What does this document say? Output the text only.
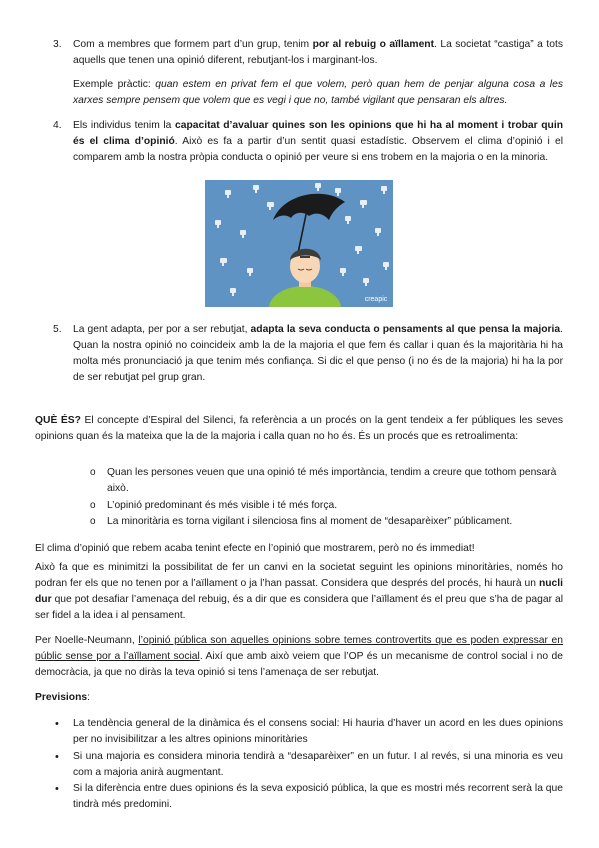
3. Com a membres que formem part d’un grup, tenim por al rebuig o aïllament. La societat “castiga” a tots aquells que tenen una opinió diferent, rebutjant-los i marginant-los.
Exemple pràctic: quan estem en privat fem el que volem, però quan hem de penjar alguna cosa a les xarxes sempre pensem que volem que es vegi i que no, també vigilant que pensaran els altres.
4. Els individus tenim la capacitat d’avaluar quines son les opinions que hi ha al moment i trobar quin és el clima d’opinió. Això es fa a partir d’un sentit quasi estadístic. Observem el clima d’opinió i el comparem amb la nostra pròpia conducta o opinió per veure si ens trobem en la majoria o en la minoria.
creapic
5. La gent adapta, per por a ser rebutjat, adapta la seva conducta o pensaments al que pensa la majoria. Quan la nostra opinió no coincideix amb la de la majoria el que fem és callar i quan és la majoritària hi ha molta més pronunciació ja que tenim més confiança. Si dic el que penso (i no és de la majoria) hi ha la por de ser rebutjat pel grup gran.
QUÈ ÉS? El concepte d’Espiral del Silenci, fa referència a un procés on la gent tendeix a fer públiques les seves opinions quan és la mateixa que la de la majoria i calla quan no ho és. És un procés que es retroalimenta:
o Quan les persones veuen que una opinió té més importància, tendim a creure que tothom pensarà això.
o L’opinió predominant és més visible i té més força.
o La minoritària es torna vigilant i silenciosa fins al moment de “desaparèixer” públicament.
El clima d’opinió que rebem acaba tenint efecte en l’opinió que mostrarem, però no és immediat!
Això fa que es minimitzi la possibilitat de fer un canvi en la societat seguint les opinions minoritàries, només ho podran fer els que no tenen por a l’aïllament o ja l’han passat. Considera que després del procés, hi haurà un nucli dur que pot desafiar l’amenaça del rebuig, és a dir que es considera que l’aïllament és el preu que s’ha de pagar al ser fidel a la idea i al pensament.
Per Noelle-Neumann, l’opinió pública son aquelles opinions sobre temes controvertits que es poden expressar en públic sense por a l’aïllament social. Així que amb això veiem que l’OP és un mecanisme de control social i no de democràcia, ja que no diràs la teva opinió si tens l’amenaça de ser rebutjat.
Previsions:
• La tendència general de la dinàmica és el consens social: Hi hauria d’haver un acord en les dues opinions per no invisibilitzar a les altres opinions minoritàries
• Si una majoria es considera minoria tendirà a “desaparèixer” en un futur. I al revés, si una minoria es veu com a majoria anirà augmentant.
• Si la diferència entre dues opinions és la seva exposició pública, la que es mostri més recorrent serà la que tindrà més predomini.
